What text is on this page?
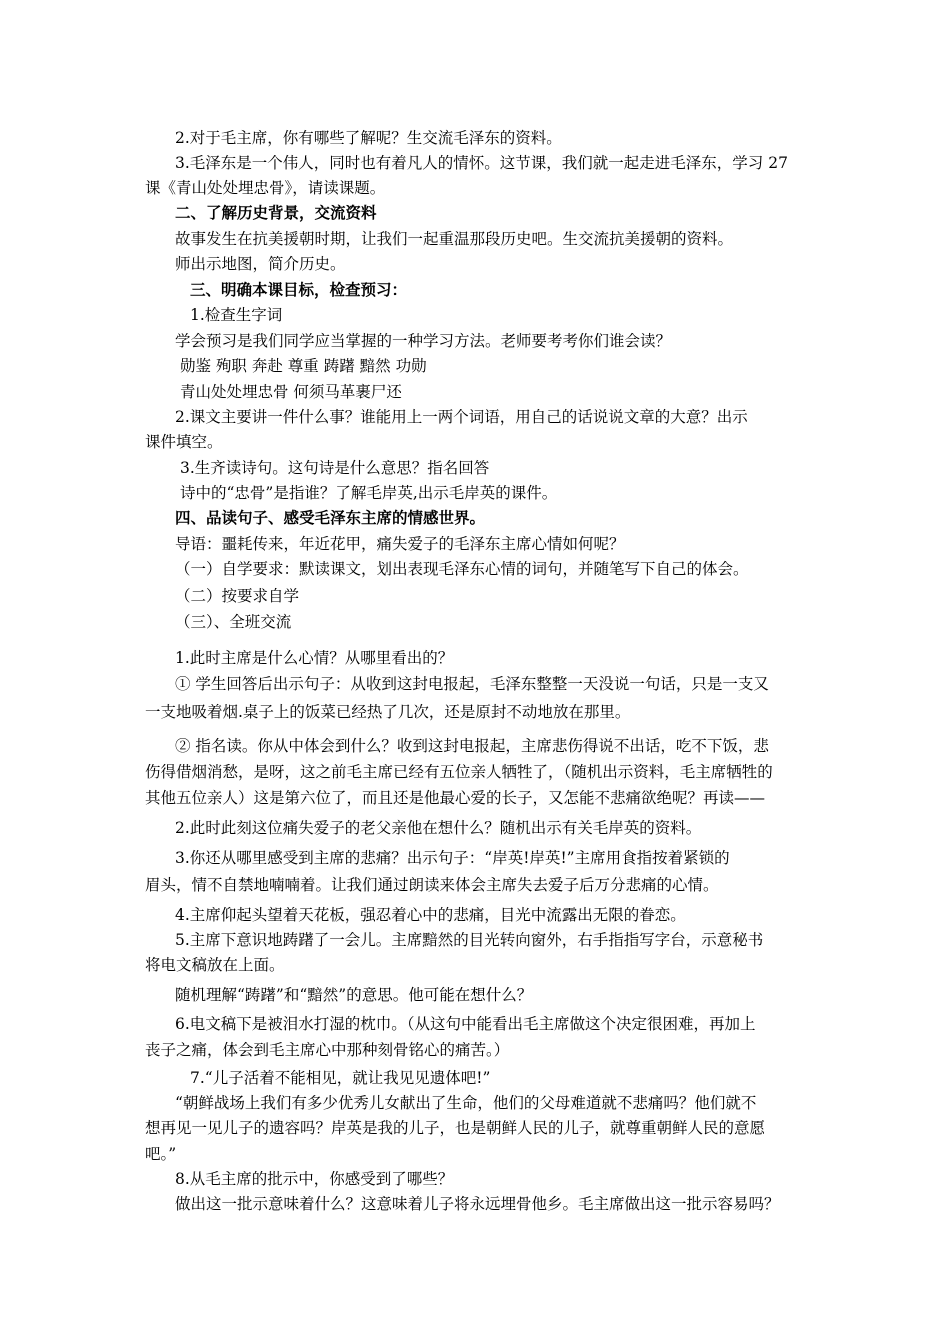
2.对于毛主席，你有哪些了解呢？生交流毛泽东的资料。
3.毛泽东是一个伟人，同时也有着凡人的情怀。这节课，我们就一起走进毛泽东，学习 27
课《青山处处埋忠骨》，请读课题。
二、了解历史背景，交流资料
故事发生在抗美援朝时期，让我们一起重温那段历史吧。生交流抗美援朝的资料。
师出示地图，简介历史。
三、明确本课目标，检查预习：
1.检查生字词
学会预习是我们同学应当掌握的一种学习方法。老师要考考你们谁会读？
勋鉴 殉职 奔赴 尊重 踌躇 黯然 功勋
青山处处埋忠骨 何须马革裹尸还
2.课文主要讲一件什么事？谁能用上一两个词语，用自己的话说说文章的大意？出示
课件填空。
3.生齐读诗句。这句诗是什么意思？指名回答
诗中的“忠骨”是指谁？了解毛岸英,出示毛岸英的课件。
四、品读句子、感受毛泽东主席的情感世界。
导语：噩耗传来，年近花甲，痛失爱子的毛泽东主席心情如何呢？
（一）自学要求：默读课文，划出表现毛泽东心情的词句，并随笔写下自己的体会。
（二）按要求自学
（三）、全班交流
1.此时主席是什么心情？从哪里看出的？
① 学生回答后出示句子：从收到这封电报起，毛泽东整整一天没说一句话，只是一支又
一支地吸着烟.桌子上的饭菜已经热了几次，还是原封不动地放在那里。
② 指名读。你从中体会到什么？收到这封电报起，主席悲伤得说不出话，吃不下饭，悲
伤得借烟消愁，是呀，这之前毛主席已经有五位亲人牺牲了，（随机出示资料，毛主席牺牲的
其他五位亲人）这是第六位了，而且还是他最心爱的长子，又怎能不悲痛欲绝呢？再读——
2.此时此刻这位痛失爱子的老父亲他在想什么？随机出示有关毛岸英的资料。
3.你还从哪里感受到主席的悲痛？出示句子：“岸英!岸英!”主席用食指按着紧锁的
眉头，情不自禁地喃喃着。让我们通过朗读来体会主席失去爱子后万分悲痛的心情。
4.主席仰起头望着天花板，强忍着心中的悲痛，目光中流露出无限的眷恋。
5.主席下意识地踌躇了一会儿。主席黯然的目光转向窗外，右手指指写字台，示意秘书
将电文稿放在上面。
随机理解“踌躇”和“黯然”的意思。他可能在想什么？
6.电文稿下是被泪水打湿的枕巾。（从这句中能看出毛主席做这个决定很困难，再加上
丧子之痛，体会到毛主席心中那种刻骨铭心的痛苦。）
7.“儿子活着不能相见，就让我见见遗体吧!”
“朝鲜战场上我们有多少优秀儿女献出了生命，他们的父母难道就不悲痛吗？他们就不
想再见一见儿子的遗容吗？岸英是我的儿子，也是朝鲜人民的儿子，就尊重朝鲜人民的意愿
吧。”
8.从毛主席的批示中，你感受到了哪些？
做出这一批示意味着什么？这意味着儿子将永远埋骨他乡。毛主席做出这一批示容易吗？
